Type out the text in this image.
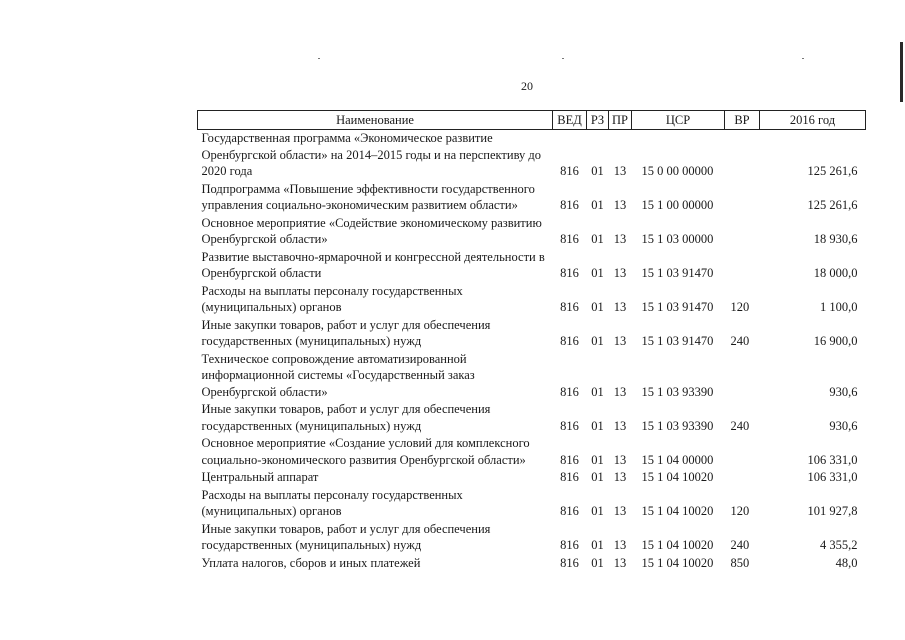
20
Наименование	ВЕД	РЗ	ПР	ЦСР	ВР	2016 год
Государственная программа «Экономическое развитие Оренбургской области» на 2014–2015 годы и на перспективу до 2020 года	816	01	13	15 0 00 00000		125 261,6
Подпрограмма «Повышение эффективности государственного управления социально-экономическим развитием области»	816	01	13	15 1 00 00000		125 261,6
Основное мероприятие «Содействие экономическому развитию Оренбургской области»	816	01	13	15 1 03 00000		18 930,6
Развитие выставочно-ярмарочной и конгрессной деятельности в Оренбургской области	816	01	13	15 1 03 91470		18 000,0
Расходы на выплаты персоналу государственных (муниципальных) органов	816	01	13	15 1 03 91470	120	1 100,0
Иные закупки товаров, работ и услуг для обеспечения государственных (муниципальных) нужд	816	01	13	15 1 03 91470	240	16 900,0
Техническое сопровождение автоматизированной информационной системы «Государственный заказ Оренбургской области»	816	01	13	15 1 03 93390		930,6
Иные закупки товаров, работ и услуг для обеспечения государственных (муниципальных) нужд	816	01	13	15 1 03 93390	240	930,6
Основное мероприятие «Создание условий для комплексного социально-экономического развития Оренбургской области»	816	01	13	15 1 04 00000		106 331,0
Центральный аппарат	816	01	13	15 1 04 10020		106 331,0
Расходы на выплаты персоналу государственных (муниципальных) органов	816	01	13	15 1 04 10020	120	101 927,8
Иные закупки товаров, работ и услуг для обеспечения государственных (муниципальных) нужд	816	01	13	15 1 04 10020	240	4 355,2
Уплата налогов, сборов и иных платежей	816	01	13	15 1 04 10020	850	48,0
